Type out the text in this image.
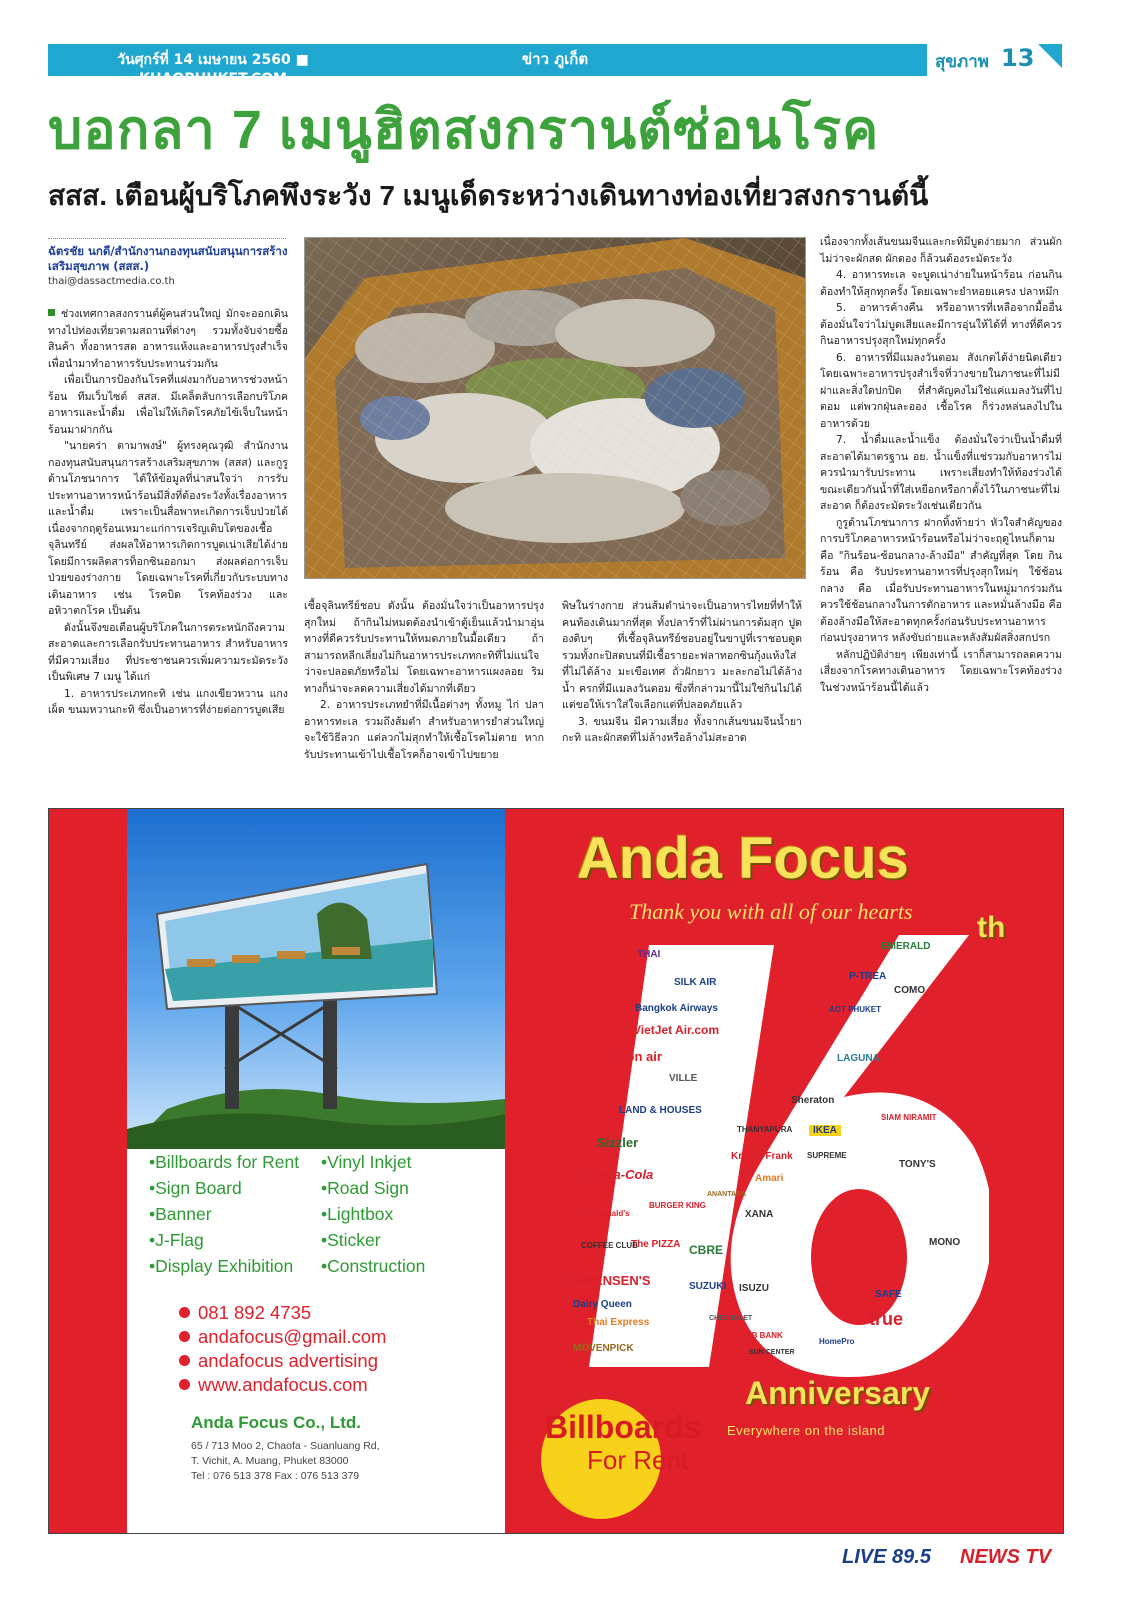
วันศุกร์ที่ 14 เมษายน 2560 ■ KHAOPHUKET.COM
ข่าว ภูเก็ต	สุขภาพ 13
บอกลา 7 เมนูฮิตสงกรานต์ซ่อนโรค
สสส. เตือนผู้บริโภคพึงระวัง 7 เมนูเด็ดระหว่างเดินทางท่องเที่ยวสงกรานต์นี้
ฉัตรชัย นกดี/สำนักงานกองทุนสนับสนุนการสร้างเสริมสุขภาพ (สสส.)
thai@dassactmedia.co.th

ช่วงเทศกาลสงกรานต์ผู้คนส่วนใหญ่ มักจะออกเดินทางไปท่องเที่ยวตามสถานที่ต่างๆ รวมทั้งจับจ่ายซื้อสินค้า ทั้งอาหารสด อาหารแห้งและอาหารปรุงสำเร็จ เพื่อนำมาทำอาหารรับประทานร่วมกัน

เพื่อเป็นการป้องกันโรคที่แฝงมากับอาหารช่วงหน้าร้อน ทีมเว็บไซต์ สสส. มีเคล็ดลับการเลือกบริโภคอาหารและน้ำดื่ม เพื่อไม่ให้เกิดโรคภัยไข้เจ็บในหน้าร้อนมาฝากกัน

"นายคร่า ตามาพงษ์" ผู้ทรงคุณวุฒิ สำนักงานกองทุนสนับสนุนการสร้างเสริมสุขภาพ (สสส) และกูรูด้านโภชนาการ ได้ให้ข้อมูลที่น่าสนใจว่า การรับประทานอาหารหน้าร้อนมีสิ่งที่ต้องระวังทั้งเรื่องอาหารและน้ำดื่ม เพราะเป็นสื่อพาหะเกิดการเจ็บป่วยได้ เนื่องจากฤดูร้อนเหมาะแก่การเจริญเติบโตของเชื้อจุลินทรีย์ ส่งผลให้อาหารเกิดการบูดเน่าเสียได้ง่าย โดยมีการผลิตสารท็อกซินออกมา ส่งผลต่อการเจ็บป่วยของร่างกาย โดยเฉพาะโรคที่เกี่ยวกับระบบทางเดินอาหาร เช่น โรคบิด โรคท้องร่วง และอหิวาตกโรค เป็นต้น

ดังนั้นจึงขอเตือนผู้บริโภคในการตระหนักถึงความสะอาดและการเลือกรับประทานอาหาร สำหรับอาหารที่มีความเสี่ยง ที่ประชาชนควรเพิ่มความระมัดระวังเป็นพิเศษ 7 เมนู ได้แก่

1. อาหารประเภทกะทิ เช่น แกงเขียวหวาน แกงเผ็ด ขนมหวานกะทิ ซึ่งเป็นอาหารที่ง่ายต่อการบูดเสีย

เชื้อจุลินทรีย์ชอบ ดังนั้น ต้องมั่นใจว่าเป็นอาหารปรุงสุกใหม่ ถ้ากินไม่หมดต้องนำเข้าตู้เย็นแล้วนำมาอุ่นทางที่ดีควรรับประทานให้หมดภายในมื้อเดียว ถ้าสามารถหลีกเลี่ยงไม่กินอาหารประเภทกะทิที่ไม่แน่ใจว่าจะปลอดภัยหรือไม่ โดยเฉพาะอาหารแผงลอย ริมทางก็น่าจะลดความเสี่ยงได้มากที่เดียว

2. อาหารประเภทยำที่มีเนื้อต่างๆ ทั้งหมู ไก่ ปลา อาหารทะเล รวมถึงส้มตำ สำหรับอาหารยำส่วนใหญ่จะใช้วิธีลวก แต่ลวกไม่สุกทำให้เชื้อโรคไม่ตาย หากรับประทานเข้าไปเชื้อโรคก็อาจเข้าไปขยาย

พิษในร่างกาย ส่วนส้มตำน่าจะเป็นอาหารไทยที่ทำให้คนท้องเดินมากที่สุด ทั้งปลาร้าที่ไม่ผ่านการต้มสุก ปูดองดิบๆ ที่เชื้อจุลินทรีย์ชอบอยู่ในขาปูที่เราชอบดูด รวมทั้งกะปิสดบนที่มีเชื้อรายอะฟลาทอกซินกุ้งแห้งใส่ที่ไม่ได้ล้าง มะเขือเทศ ถั่วฝักยาว มะละกอไม่ได้ล้างน้ำ ครกที่มีแมลงวันตอม ซึ่งที่กล่าวมานี้ไม่ใช่กินไม่ได้ แต่ขอให้เราใส่ใจเลือกแต่ที่ปลอดภัยแล้ว

3. ขนมจีน มีความเสี่ยง ทั้งจากเส้นขนมจีนน้ำยากะทิ และผักสดที่ไม่ล้างหรือล้างไม่สะอาด

เนื่องจากทั้งเส้นขนมจีนและกะทิมีบูดง่ายมาก ส่วนผักไม่ว่าจะผักสด ผักดอง ก็ล้วนต้องระมัดระวัง

4. อาหารทะเล จะบูดเน่าง่ายในหน้าร้อน ก่อนกินต้องทำให้สุกทุกครั้ง โดยเฉพาะยำหอยแครง ปลาหมึก

5. อาหารค้างคืน หรืออาหารที่เหลือจากมื้ออื่น ต้องมั่นใจว่าไม่บูดเสียและมีการอุ่นให้ได้ที่ ทางที่ดีควรกินอาหารปรุงสุกใหม่ทุกครั้ง

6. อาหารที่มีแมลงวันตอม สังเกตได้ง่ายนิดเดียว โดยเฉพาะอาหารปรุงสำเร็จที่วางขายในภาชนะที่ไม่มีฝาและสิ่งใดปกปิด ที่สำคัญคงไม่ใช่แค่แมลงวันที่ไปตอม แต่พวกฝุ่นละออง เชื้อโรค ก็ร่วงหล่นลงไปในอาหารด้วย

7. น้ำดื่มและน้ำแข็ง ต้องมั่นใจว่าเป็นน้ำดื่มที่สะอาดได้มาตรฐาน อย. น้ำแข็งที่แช่รวมกับอาหารไม่ควรนำมารับประทาน เพราะเสี่ยงทำให้ท้องร่วงได้ขณะเดียวกันน้ำที่ใส่เหยือกหรือกาตั้งไว้ในภาชนะที่ไม่สะอาด ก็ต้องระมัดระวังเช่นเดียวกัน

กูรูด้านโภชนาการ ฝากทิ้งท้ายว่า หัวใจสำคัญของการบริโภคอาหารหน้าร้อนหรือไม่ว่าจะฤดูไหนก็ตาม คือ "กินร้อน-ช้อนกลาง-ล้างมือ" สำคัญที่สุด โดย กินร้อน คือ รับประทานอาหารที่ปรุงสุกใหม่ๆ ใช้ช้อนกลาง คือ เมื่อรับประทานอาหารในหมู่มากร่วมกัน ควรใช้ช้อนกลางในการตักอาหาร และหมั่นล้างมือ คือ ต้องล้างมือให้สะอาดทุกครั้งก่อนรับประทานอาหาร ก่อนปรุงอาหาร หลังขับถ่ายและหลังสัมผัสสิ่งสกปรก

หลักปฏิบัติง่ายๆ เพียงเท่านี้ เราก็สามารถลดความเสี่ยงจากโรคทางเดินอาหาร โดยเฉพาะโรคท้องร่วงในช่วงหน้าร้อนนี้ได้แล้ว

•Billboards for Rent
•Sign Board
•Banner
•J-Flag
•Display Exhibition
•Vinyl Inkjet
•Road Sign
•Lightbox
•Sticker
•Construction
081 892 4735
andafocus@gmail.com
andafocus advertising
www.andafocus.com
Anda Focus Co., Ltd.
65 / 713 Moo 2, Chaofa - Suanluang Rd,
T. Vichit, A. Muang, Phuket 83000
Tel : 076 513 378 Fax : 076 513 379
Anda Focus
Thank you with all of our hearts th
THAI
SILK AIR
Bangkok Airways
VietJet Air.com
Lion air
VILLE
LAND & HOUSES
Sizzler
Coca-Cola
BURGER KING
McDonald's
The PIZZA
COFFEE CLUB
SWENSEN'S
Dairy Queen
Thai Express
MÖVENPICK
EMERALD
P-TREA
COMO
AOT PHUKET
LAGUNA
Sheraton
THANYAPURA	IKEA
SIAM NIRAMIT
Knight Frank SUPREME
TONY'S
Amari
ANANTARA
XANA
CBRE
MONO
SUZUKI ISUZU
SAFE
true
CHEVROLET
CIMB BANK
HomePro
SUN CENTER
Anniversary
Everywhere on the island
Billboards
For Rent
LIVE 89.5 NEWS TV
